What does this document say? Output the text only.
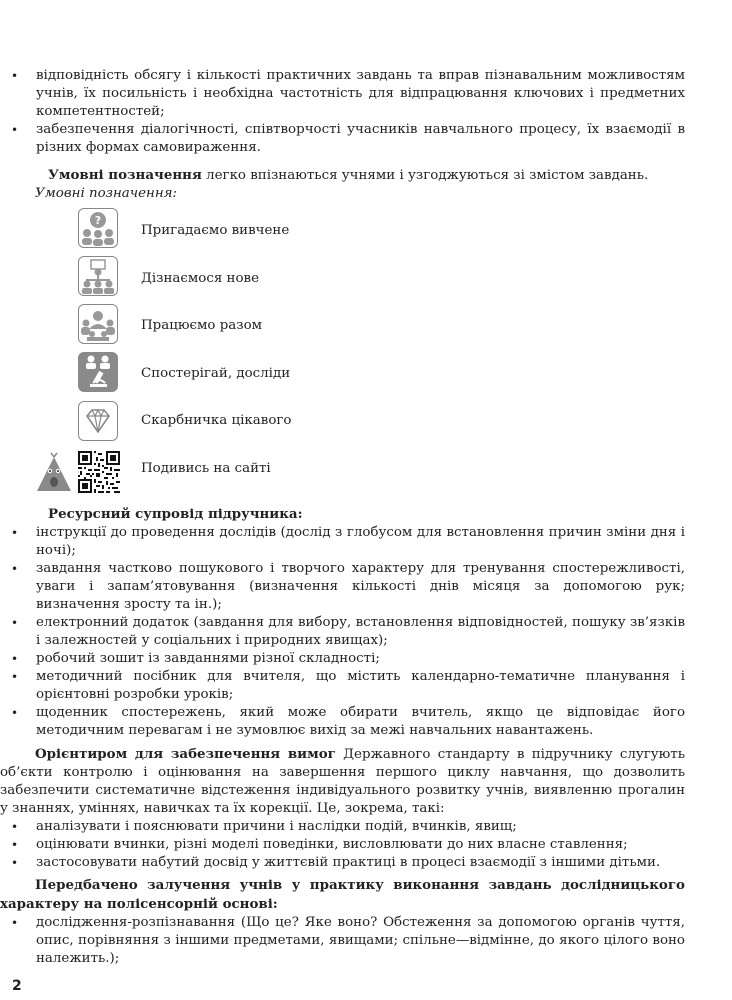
• відповідність обсягу і кількості практичних завдань та вправ пізнавальним можливостям учнів, їх посильність і необхідна частотність для відпрацювання ключових і предметних компетентностей;
• забезпечення діалогічності, співтворчості учасників навчального процесу, їх взаємодії в різних формах самовираження.

Умовні позначення легко впізнаються учнями і узгоджуються зі змістом завдань.

Умовні позначення:

?
Пригадаємо вивчене
Дізнаємося нове
Працюємо разом
Спостерігай, досліди
Скарбничка цікавого
Подивись на сайті

Ресурсний супровід підручника:

• інструкції до проведення дослідів (дослід з глобусом для встановлення причин зміни дня і ночі);
• завдання частково пошукового і творчого характеру для тренування спостережливості, уваги і запам’ятовування (визначення кількості днів місяця за допомогою рук; визначення зросту та ін.);
• електронний додаток (завдання для вибору, встановлення відповідностей, пошуку зв’язків і залежностей у соціальних і природних явищах);
• робочий зошит із завданнями різної складності;
• методичний посібник для вчителя, що містить календарно-тематичне планування і орієнтовні розробки уроків;
• щоденник спостережень, який може обирати вчитель, якщо це відповідає його методичним перевагам і не зумовлює вихід за межі навчальних навантажень.

Орієнтиром для забезпечення вимог Державного стандарту в підручнику слугують об’єкти контролю і оцінювання на завершення першого циклу навчання, що дозволить забезпечити систематичне відстеження індивідуального розвитку учнів, виявленню прогалин у знаннях, уміннях, навичках та їх корекції. Це, зокрема, такі:

• аналізувати і пояснювати причини і наслідки подій, вчинків, явищ;
• оцінювати вчинки, різні моделі поведінки, висловлювати до них власне ставлення;
• застосовувати набутий досвід у життєвій практиці в процесі взаємодії з іншими дітьми.

Передбачено залучення учнів у практику виконання завдань дослідницького характеру на полісенсорній основі:

• дослідження-розпізнавання (Що це? Яке воно? Обстеження за допомогою органів чуття, опис, порівняння з іншими предметами, явищами; спільне—відмінне, до якого цілого воно належить.);
2
